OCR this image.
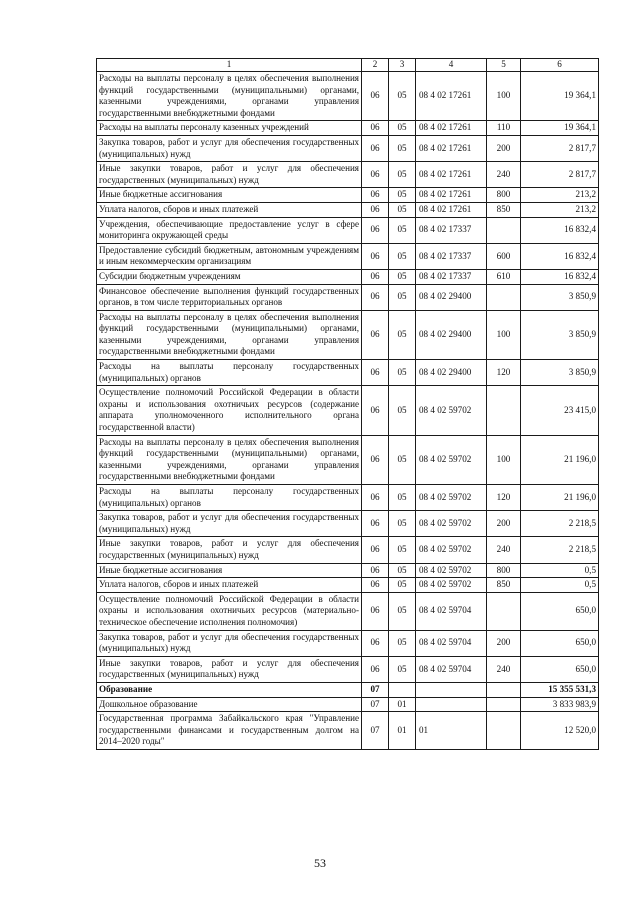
1	2	3	4	5	6
Расходы на выплаты персоналу в целях обеспечения выполнения функций государственными (муниципальными) органами, казенными учреждениями, органами управления государственными внебюджетными фондами	06	05	08 4 02 17261	100	19 364,1
Расходы на выплаты персоналу казенных учреждений	06	05	08 4 02 17261	110	19 364,1
Закупка товаров, работ и услуг для обеспечения государственных (муниципальных) нужд	06	05	08 4 02 17261	200	2 817,7
Иные закупки товаров, работ и услуг для обеспечения государственных (муниципальных) нужд	06	05	08 4 02 17261	240	2 817,7
Иные бюджетные ассигнования	06	05	08 4 02 17261	800	213,2
Уплата налогов, сборов и иных платежей	06	05	08 4 02 17261	850	213,2
Учреждения, обеспечивающие предоставление услуг в сфере мониторинга окружающей среды	06	05	08 4 02 17337		16 832,4
Предоставление субсидий бюджетным, автономным учреждениям и иным некоммерческим организациям	06	05	08 4 02 17337	600	16 832,4
Субсидии бюджетным учреждениям	06	05	08 4 02 17337	610	16 832,4
Финансовое обеспечение выполнения функций государственных органов, в том числе территориальных органов	06	05	08 4 02 29400		3 850,9
Расходы на выплаты персоналу в целях обеспечения выполнения функций государственными (муниципальными) органами, казенными учреждениями, органами управления государственными внебюджетными фондами	06	05	08 4 02 29400	100	3 850,9
Расходы на выплаты персоналу государственных (муниципальных) органов	06	05	08 4 02 29400	120	3 850,9
Осуществление полномочий Российской Федерации в области охраны и использования охотничьих ресурсов (содержание аппарата уполномоченного исполнительного органа государственной власти)	06	05	08 4 02 59702		23 415,0
Расходы на выплаты персоналу в целях обеспечения выполнения функций государственными (муниципальными) органами, казенными учреждениями, органами управления государственными внебюджетными фондами	06	05	08 4 02 59702	100	21 196,0
Расходы на выплаты персоналу государственных (муниципальных) органов	06	05	08 4 02 59702	120	21 196,0
Закупка товаров, работ и услуг для обеспечения государственных (муниципальных) нужд	06	05	08 4 02 59702	200	2 218,5
Иные закупки товаров, работ и услуг для обеспечения государственных (муниципальных) нужд	06	05	08 4 02 59702	240	2 218,5
Иные бюджетные ассигнования	06	05	08 4 02 59702	800	0,5
Уплата налогов, сборов и иных платежей	06	05	08 4 02 59702	850	0,5
Осуществление полномочий Российской Федерации в области охраны и использования охотничьих ресурсов (материально-техническое обеспечение исполнения полномочия)	06	05	08 4 02 59704		650,0
Закупка товаров, работ и услуг для обеспечения государственных (муниципальных) нужд	06	05	08 4 02 59704	200	650,0
Иные закупки товаров, работ и услуг для обеспечения государственных (муниципальных) нужд	06	05	08 4 02 59704	240	650,0
Образование	07				15 355 531,3
Дошкольное образование	07	01			3 833 983,9
Государственная программа Забайкальского края "Управление государственными финансами и государственным долгом на 2014–2020 годы"	07	01	01		12 520,0
53
